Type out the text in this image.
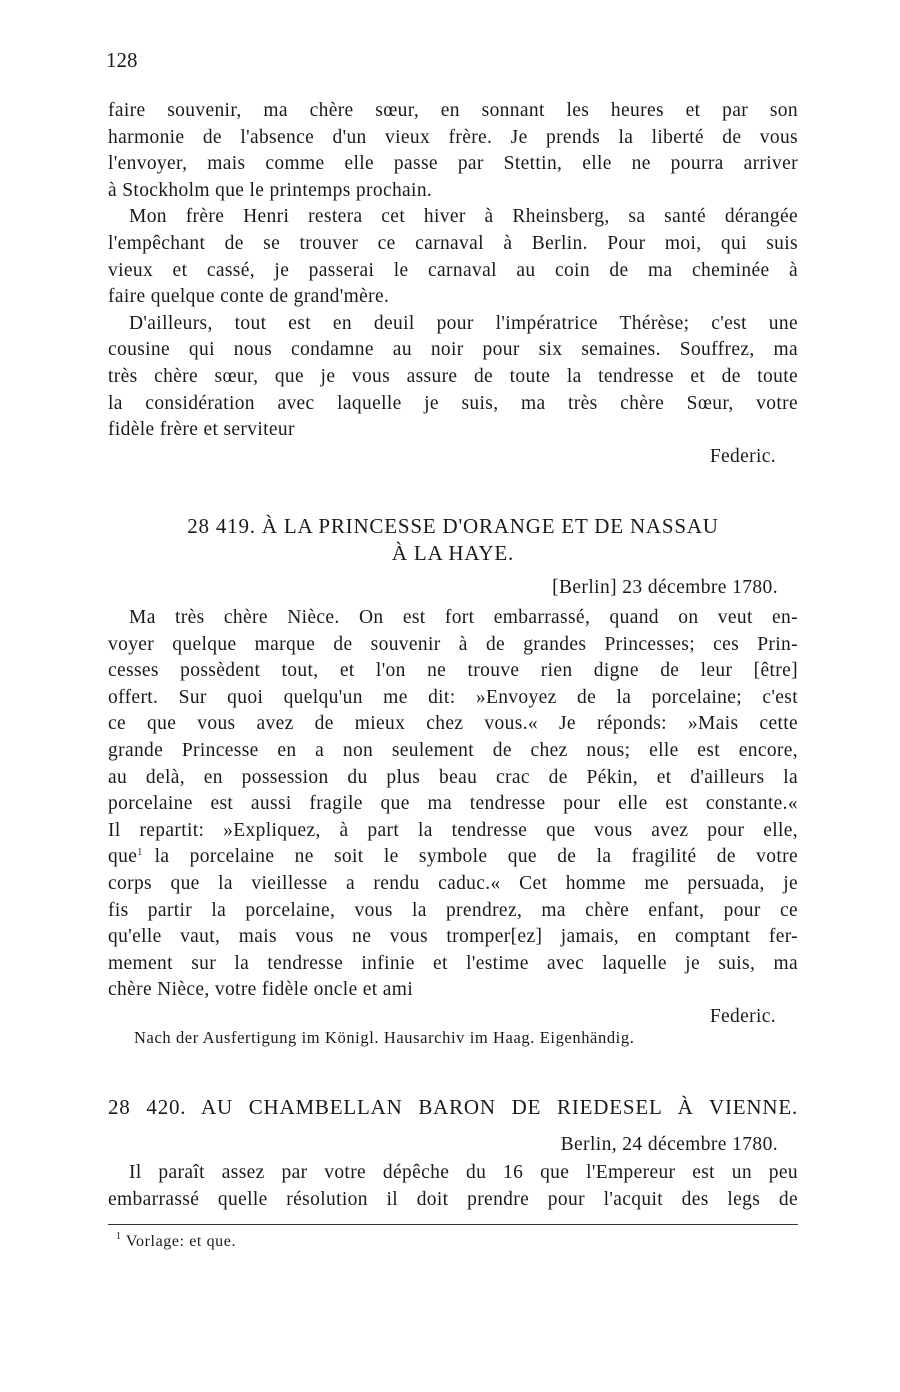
128
faire souvenir, ma chère sœur, en sonnant les heures et par son
harmonie de l'absence d'un vieux frère. Je prends la liberté de vous
l'envoyer, mais comme elle passe par Stettin, elle ne pourra arriver
à Stockholm que le printemps prochain.
Mon frère Henri restera cet hiver à Rheinsberg, sa santé dérangée
l'empêchant de se trouver ce carnaval à Berlin. Pour moi, qui suis
vieux et cassé, je passerai le carnaval au coin de ma cheminée à
faire quelque conte de grand'mère.
D'ailleurs, tout est en deuil pour l'impératrice Thérèse; c'est une
cousine qui nous condamne au noir pour six semaines. Souffrez, ma
très chère sœur, que je vous assure de toute la tendresse et de toute
la considération avec laquelle je suis, ma très chère Sœur, votre
fidèle frère et serviteur
Federic.
28 419. À LA PRINCESSE D'ORANGE ET DE NASSAU
À LA HAYE.
[Berlin] 23 décembre 1780.
Ma très chère Nièce. On est fort embarrassé, quand on veut en-
voyer quelque marque de souvenir à de grandes Princesses; ces Prin-
cesses possèdent tout, et l'on ne trouve rien digne de leur [être]
offert. Sur quoi quelqu'un me dit: »Envoyez de la porcelaine; c'est
ce que vous avez de mieux chez vous.« Je réponds: »Mais cette
grande Princesse en a non seulement de chez nous; elle est encore,
au delà, en possession du plus beau crac de Pékin, et d'ailleurs la
porcelaine est aussi fragile que ma tendresse pour elle est constante.«
Il repartit: »Expliquez, à part la tendresse que vous avez pour elle,
que$^1$ la porcelaine ne soit le symbole que de la fragilité de votre
corps que la vieillesse a rendu caduc.« Cet homme me persuada, je
fis partir la porcelaine, vous la prendrez, ma chère enfant, pour ce
qu'elle vaut, mais vous ne vous tromper[ez] jamais, en comptant fer-
mement sur la tendresse infinie et l'estime avec laquelle je suis, ma
chère Nièce, votre fidèle oncle et ami
Federic.
Nach der Ausfertigung im Königl. Hausarchiv im Haag. Eigenhändig.
28 420. AU CHAMBELLAN BARON DE RIEDESEL À VIENNE.
Berlin, 24 décembre 1780.
Il paraît assez par votre dépêche du 16 que l'Empereur est un peu
embarrassé quelle résolution il doit prendre pour l'acquit des legs de
$^1$ Vorlage: et que.
